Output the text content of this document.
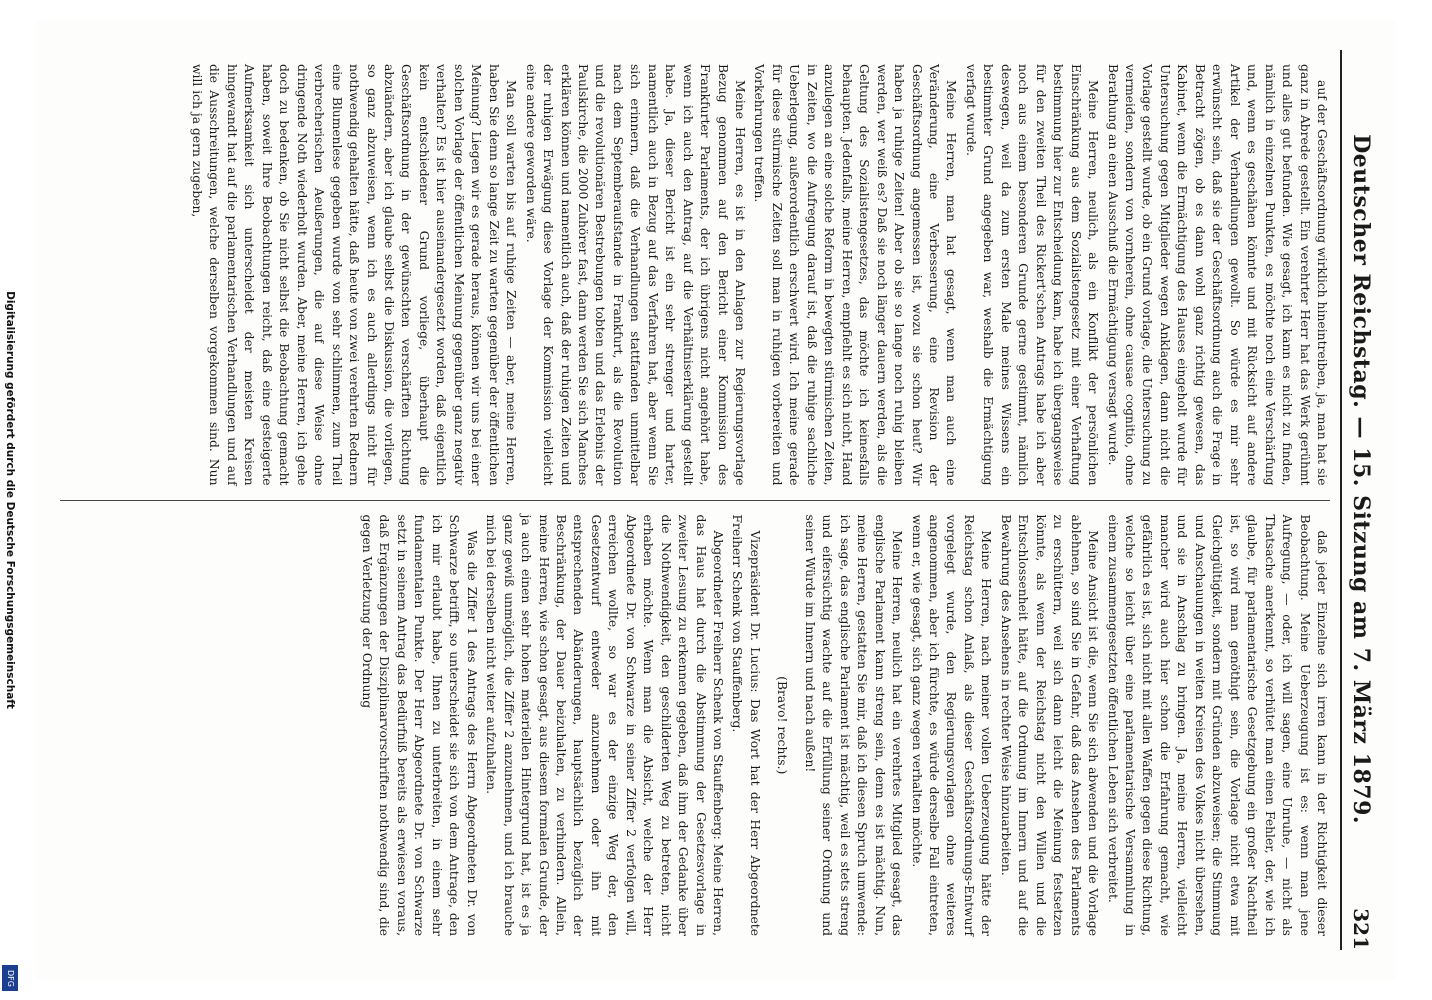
Deutscher Reichstag. — 15. Sitzung am 7. März 1879.
321

auf der Geschäftsordnung wirklich hineintreiben, ja, man hat sie ganz in Abrede gestellt. Ein verehrter Herr hat das Werk gerühmt und alles gut befunden. Wie gesagt, ich kann es nicht zu finden, nämlich in einzelnen Punkten, es möchte noch eine Verschärfung und, wenn es geschähen könnte und mit Rücksicht auf andere Artikel der Verhandlungen gewollt. So würde es mir sehr erwünscht sein, daß sie der Geschäftsordnung auch die Frage in Betracht zögen, ob es dann wohl ganz richtig gewesen, das Kabinet, wenn die Ermächtigung des Hauses eingeholt wurde für Untersuchung gegen Mitglieder wegen Anklagen, dann nicht die Vorlage gestellt wurde, ob ein Grund vorlage, die Untersuchung zu vermeiden, sondern von vornherein, ohne causae cognitio, ohne Berathung an einen Ausschuß die Ermächtigung versagt wurde.

Meine Herren, neulich, als ein Konflikt der persönlichen Einschränkung aus dem Sozialistengesetz mit einer Verhaftung bestimmung hier zur Entscheidung kam, habe ich übergangsweise für den zweiten Theil des Rickert'schen Antrags habe ich aber noch aus einem besonderen Grunde gerne gestimmt, nämlich deswegen, weil da zum ersten Male meines Wissens ein bestimmter Grund angegeben war, weshalb die Ermächtigung verfagt wurde.

Meine Herren, man hat gesagt, wenn man auch eine Veränderung, eine Verbesserung, eine Revision der Geschäftsordnung angemessen ist, wozu sie schon heut? Wir haben ja ruhige Zeiten! Aber ob sie so lange noch ruhig bleiben werden, wer weiß es? Daß sie noch länger dauern werden, als die Geltung des Sozialistengesetzes, das möchte ich keinesfalls behaupten. Jedenfalls, meine Herren, empfiehlt es sich nicht, Hand anzulegen an eine solche Reform in bewegten stürmischen Zeiten, in Zeiten, wo die Aufregung darauf ist, daß die ruhige sachliche Ueberlegung, außerordentlich erschwert wird. Ich meine gerade für diese stürmische Zeiten soll man in ruhigen vorbereiten und Vorkehrungen treffen.

Meine Herren, es ist in den Anlagen zur Regierungsvorlage Bezug genommen auf den Bericht einer Kommission des Frankfurter Parlaments, der ich übrigens nicht angehört habe, wenn ich auch den Antrag, auf die Verhältniserklärung gestellt habe. Ja, dieser Bericht ist ein sehr strenger und harter, namentlich auch in Bezug auf das Verfahren hat, aber wenn Sie sich erinnern, daß die Verhandlungen stattfanden unmittelbar nach dem Septemberaufstande in Frankfurt, als die Revolution und die revolutionären Bestrebungen tobten und das Erlebnis der Paulskirche, die 2000 Zuhörer fast, dann werden Sie sich Manches erklären können und namentlich auch, daß der ruhigen Zeiten und der ruhigen Erwägung diese Vorlage der Kommission vielleicht eine andere geworden wäre.

Man soll warten bis auf ruhige Zeiten — aber, meine Herren, haben Sie denn so lange Zeit zu warten gegenüber der öffentlichen Meinung? Liegen wir es gerade heraus, können wir uns bei einer solchen Vorlage der öffentlichen Meinung gegenüber ganz negativ verhalten? Es ist hier auseinandergesetzt worden, daß eigentlich kein entschiedener Grund vorliege, überhaupt die Geschäftsordnung in der gewünschten verschärften Richtung abzuändern, aber ich glaube selbst die Diskussion, die vorliegen, so ganz abzuweisen, wenn ich es auch allerdings nicht für nothwendig gehalten hätte, daß heute von zwei verehrten Rednern eine Blumenlese gegeben wurde von sehr schlimmen, zum Theil verbrecherischen Aeußerungen, die auf diese Weise ohne dringende Noth wiederholt wurden. Aber, meine Herren, ich gehe doch zu bedenken, ob Sie nicht selbst die Beobachtung gemacht haben, soweit Ihre Beobachtungen reicht, daß eine gesteigerte Aufmerksamkeit sich unterscheidet der meisten Kreisen hingewandt hat auf die parlamentarischen Verhandlungen und auf die Ausschreitungen, welche derselben vorgekommen sind. Nun will ich ja gern zugeben,

daß jeder Einzelne sich irren kann in der Richtigkeit dieser Beobachtung. Meine Ueberzeugung ist es: wenn man jene Aufregung, — oder, ich will sagen, eine Unruhe, — nicht als Thatsache anerkennt, so verhütet man einen Fehler, der, wie ich glaube, für parlamentarische Gesetzgebung ein großer Nachtheil ist, so wird man genöthigt sein, die Vorlage nicht etwa mit Gleichgültigkeit, sondern mit Gründen abzuweisen; die Stimmung und Anschauungen in weiten Kreisen des Volkes nicht übersehen, und sie in Anschlag zu bringen. Ja, meine Herren, vielleicht mancher wird auch hier schon die Erfahrung gemacht, wie gefährlich es ist, sich nicht mit allen Waffen gegen diese Richtung, welche so leicht über eine parlamentarische Versammlung in einem zusammengesetzten öffentlichen Leben sich verbreitet.

Meine Ansicht ist die, wenn Sie sich abwenden und die Vorlage ablehnen, so sind Sie in Gefahr, daß das Ansehen des Parlaments zu erschüttern, weil sich dann leicht die Meinung festsetzen könnte, als wenn der Reichstag nicht den Willen und die Entschlossenheit hätte, auf die Ordnung im Innern und auf die Bewahrung des Ansehens in rechter Weise hinzuarbeiten.

Meine Herren, nach meiner vollen Ueberzeugung hätte der Reichstag schon Anlaß, als dieser Geschäftsordnungs-Entwurf vorgelegt wurde, den Regierungsvorlagen ohne weiteres angenommen, aber ich fürchte, es würde derselbe Fall eintreten, wenn er, wie gesagt, sich ganz wegen verhalten möchte.

Meine Herren, neulich hat ein verehrtes Mitglied gesagt, das englische Parlament kann streng sein, denn es ist mächtig. Nun, meine Herren, gestatten Sie mir, daß ich diesen Spruch umwende: ich sage, das englische Parlament ist mächtig, weil es stets streng und eifersüchtig wachte auf die Erfüllung seiner Ordnung und seiner Würde im Innern und nach außen!

(Bravo! rechts.)

Vizepräsident Dr. Lucius: Das Wort hat der Herr Abgeordnete Freiherr Schenk von Stauffenberg.

Abgeordneter Freiherr Schenk von Stauffenberg: Meine Herren, das Haus hat durch die Abstimmung der Gesetzesvorlage in zweiter Lesung zu erkennen gegeben, daß ihm der Gedanke über die Nothwendigkeit, den geschilderten Weg zu betreten, nicht erhaben möchte. Wenn man die Absicht, welche der Herr Abgeordnete Dr. von Schwarze in seiner Ziffer 2 verfolgen will, erreichen wollte, so war es der einzige Weg der, den Gesetzentwurf entweder anzunehmen oder ihn mit entsprechenden Abänderungen, hauptsächlich bezüglich der Beschränkung, der Dauer beizuhalten, zu verhindern. Allein, meine Herren, wie schon gesagt, aus diesem formalen Grunde, der ja auch einen sehr hohen materiellen Hintergrund hat, ist es ja ganz gewiß unmöglich, die Ziffer 2 anzunehmen, und ich brauche mich bei derselben nicht weiter aufzuhalten.

Was die Ziffer 1 des Antrags des Herrn Abgeordneten Dr. von Schwarze betrifft, so unterscheidet sie sich von dem Antrage, den ich mir erlaubt habe, Ihnen zu unterbreiten, in einem sehr fundamentalen Punkte. Der Herr Abgeordnete Dr. von Schwarze setzt in seinem Antrag das Bedürfniß bereits als erwiesen voraus, daß Ergänzungen der Disziplinarvorschriften nothwendig sind, die gegen Verletzung der Ordnung

Digitalisierung gefördert durch die Deutsche Forschungsgemeinschaft
DFG
